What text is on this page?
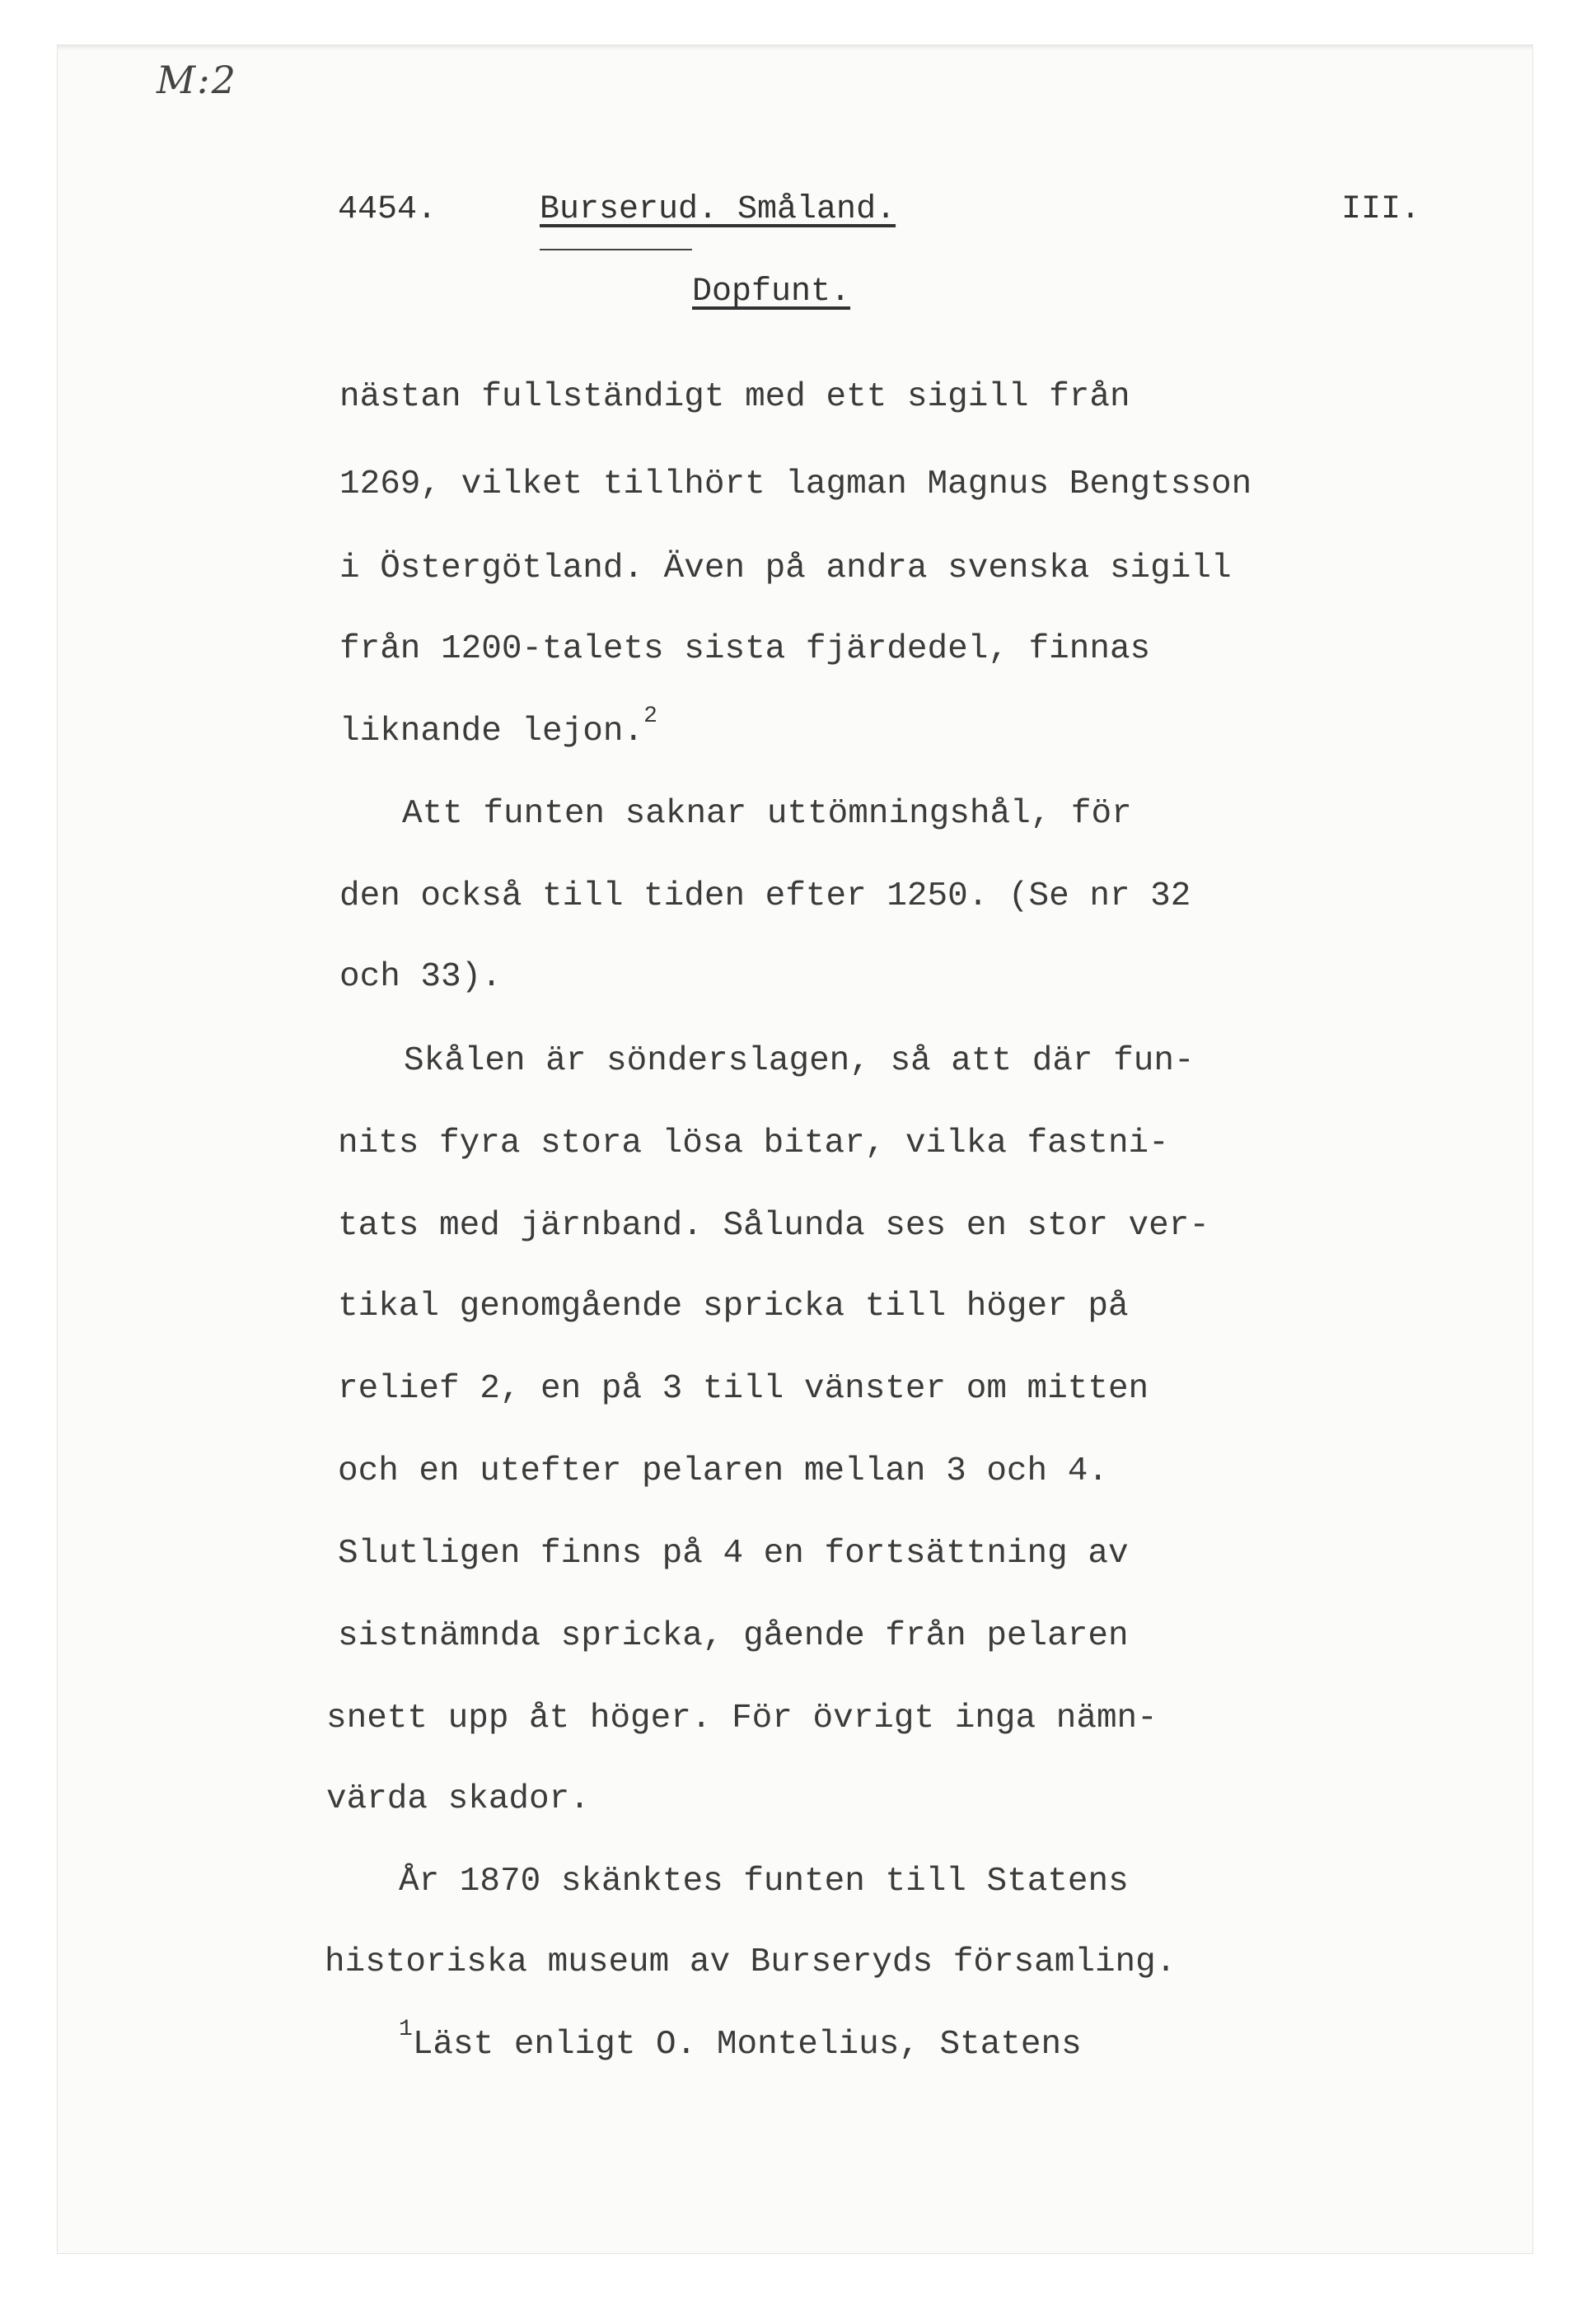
M:2
4454.	Burserud. Småland.	III.
Dopfunt.
nästan fullständigt med ett sigill från
1269, vilket tillhört lagman Magnus Bengtsson
i Östergötland. Även på andra svenska sigill
från 1200-talets sista fjärdedel, finnas
liknande lejon.$^2$
Att funten saknar uttömningshål, för
den också till tiden efter 1250. (Se nr 32
och 33).
Skålen är sönderslagen, så att där fun-
nits fyra stora lösa bitar, vilka fastni-
tats med järnband. Sålunda ses en stor ver-
tikal genomgående spricka till höger på
relief 2, en på 3 till vänster om mitten
och en utefter pelaren mellan 3 och 4.
Slutligen finns på 4 en fortsättning av
sistnämnda spricka, gående från pelaren
snett upp åt höger. För övrigt inga nämn-
värda skador.
År 1870 skänktes funten till Statens
historiska museum av Burseryds församling.
$^1$Läst enligt O. Montelius, Statens
